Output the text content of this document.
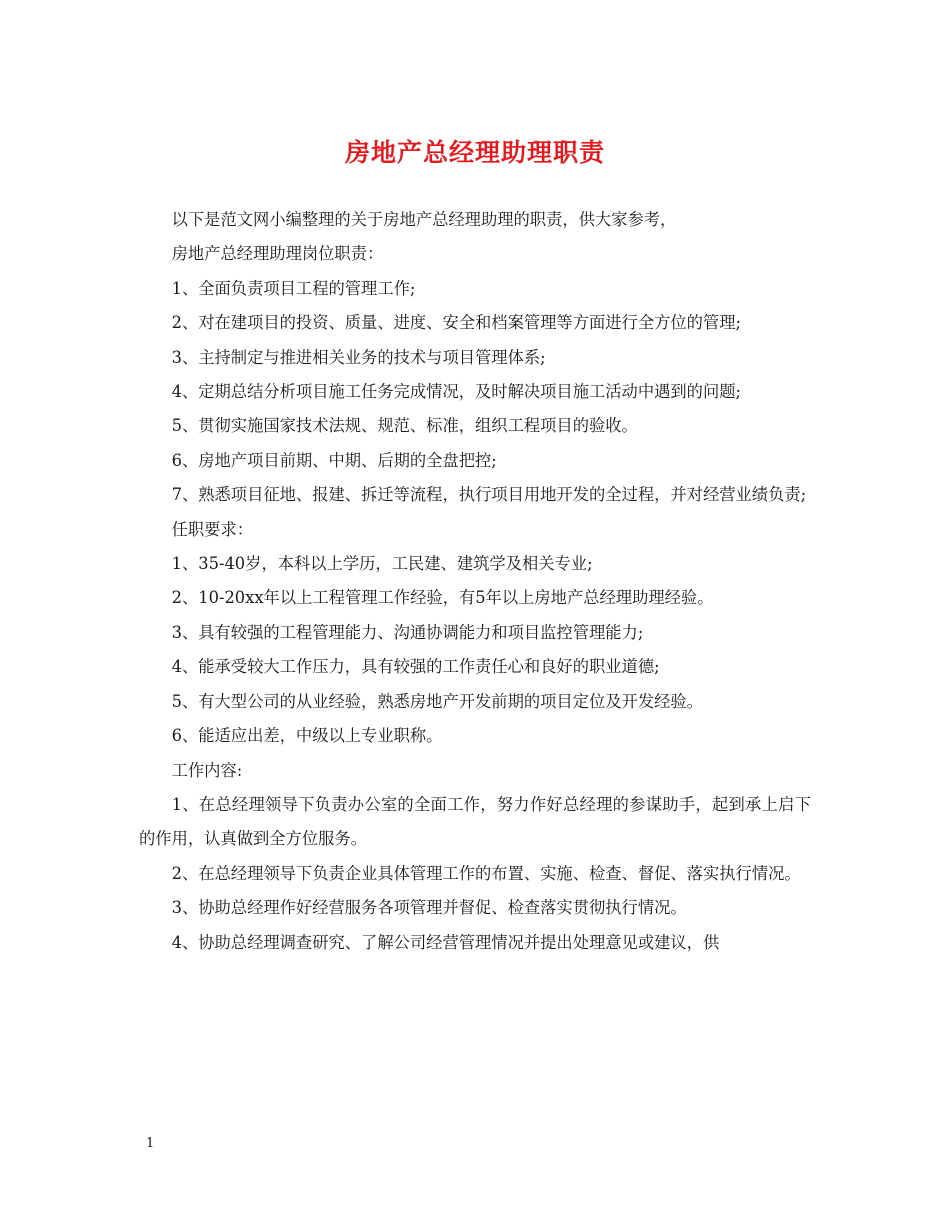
房地产总经理助理职责

以下是范文网小编整理的关于房地产总经理助理的职责，供大家参考，

房地产总经理助理岗位职责：

1、全面负责项目工程的管理工作;

2、对在建项目的投资、质量、进度、安全和档案管理等方面进行全方位的管理;

3、主持制定与推进相关业务的技术与项目管理体系;

4、定期总结分析项目施工任务完成情况，及时解决项目施工活动中遇到的问题;

5、贯彻实施国家技术法规、规范、标准，组织工程项目的验收。

6、房地产项目前期、中期、后期的全盘把控;

7、熟悉项目征地、报建、拆迁等流程，执行项目用地开发的全过程，并对经营业绩负责;

任职要求：

1、35-40岁，本科以上学历，工民建、建筑学及相关专业;

2、10-20xx年以上工程管理工作经验，有5年以上房地产总经理助理经验。

3、具有较强的工程管理能力、沟通协调能力和项目监控管理能力;

4、能承受较大工作压力，具有较强的工作责任心和良好的职业道德;

5、有大型公司的从业经验，熟悉房地产开发前期的项目定位及开发经验。

6、能适应出差，中级以上专业职称。

工作内容:

1、在总经理领导下负责办公室的全面工作，努力作好总经理的参谋助手，起到承上启下的作用，认真做到全方位服务。

2、在总经理领导下负责企业具体管理工作的布置、实施、检查、督促、落实执行情况。

3、协助总经理作好经营服务各项管理并督促、检查落实贯彻执行情况。

4、协助总经理调查研究、了解公司经营管理情况并提出处理意见或建议，供

1
